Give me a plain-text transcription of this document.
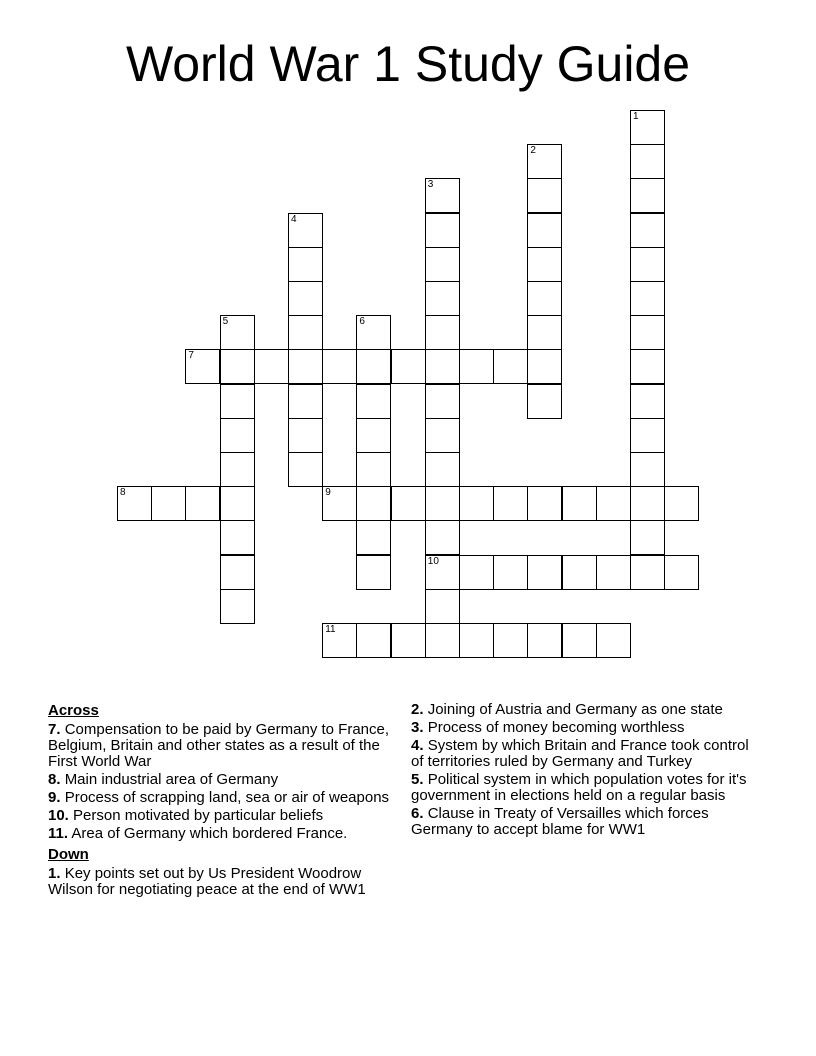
World War 1 Study Guide
1
2
3
10
4
5	6
7
8	9
11
Across
7. Compensation to be paid by Germany to France, Belgium, Britain and other states as a result of the First World War
8. Main industrial area of Germany
9. Process of scrapping land, sea or air of weapons
10. Person motivated by particular beliefs
11. Area of Germany which bordered France.
Down
1. Key points set out by Us President Woodrow Wilson for negotiating peace at the end of WW1
2. Joining of Austria and Germany as one state
3. Process of money becoming worthless
4. System by which Britain and France took control of territories ruled by Germany and Turkey
5. Political system in which population votes for it's government in elections held on a regular basis
6. Clause in Treaty of Versailles which forces Germany to accept blame for WW1
